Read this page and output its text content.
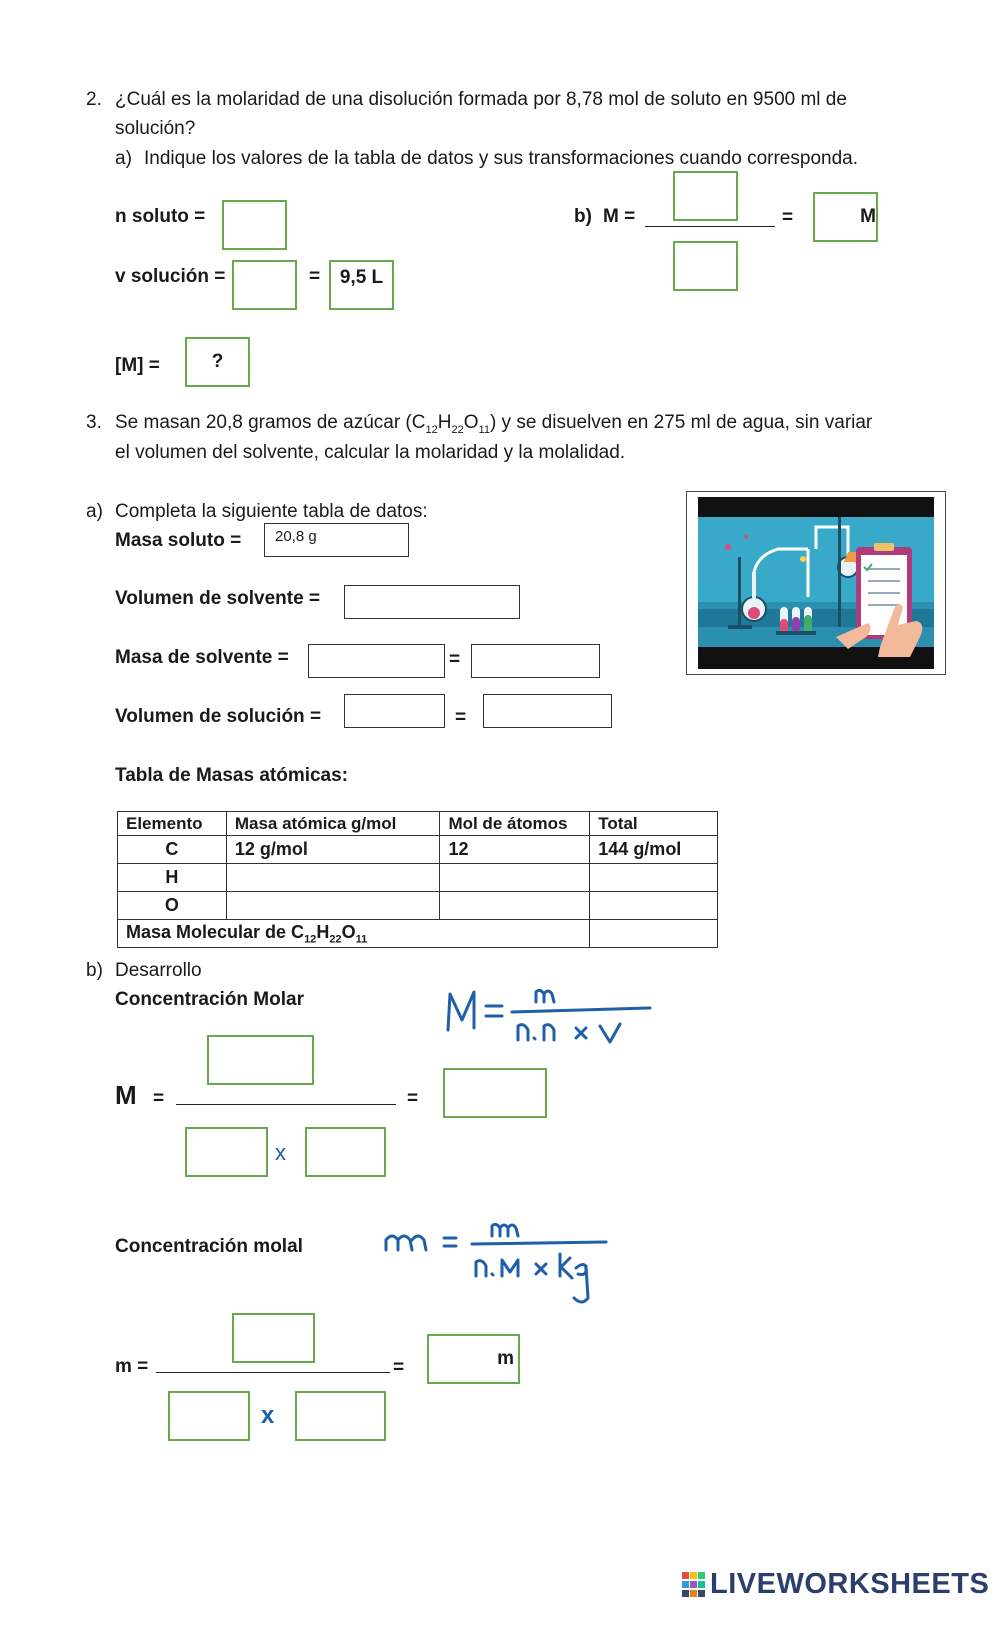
2. ¿Cuál es la molaridad de una disolución formada por 8,78 mol de soluto en 9500 ml de
solución?
a) Indique los valores de la tabla de datos y sus transformaciones cuando corresponda.
n soluto =
v solución =	=	9,5 L
[M] =	?
b) M =	=	M
3. Se masan 20,8 gramos de azúcar $(C_{12}H_{22}O_{11})$ y se disuelven en 275 ml de agua, sin variar
el volumen del solvente, calcular la molaridad y la molalidad.
a) Completa la siguiente tabla de datos:
Masa soluto =	20,8 g
Volumen de solvente =
Masa de solvente =	=
Volumen de solución =	=
Tabla de Masas atómicas:
Elemento	Masa atómica g/mol	Mol de átomos	Total
C	12 g/mol	12	144 g/mol
H			
O			
Masa Molecular de $C_{12}H_{22}O_{11}$	
b) Desarrollo
Concentración Molar
M =
x
=
Concentración molal
m =
x
=	m
LIVEWORKSHEETS
